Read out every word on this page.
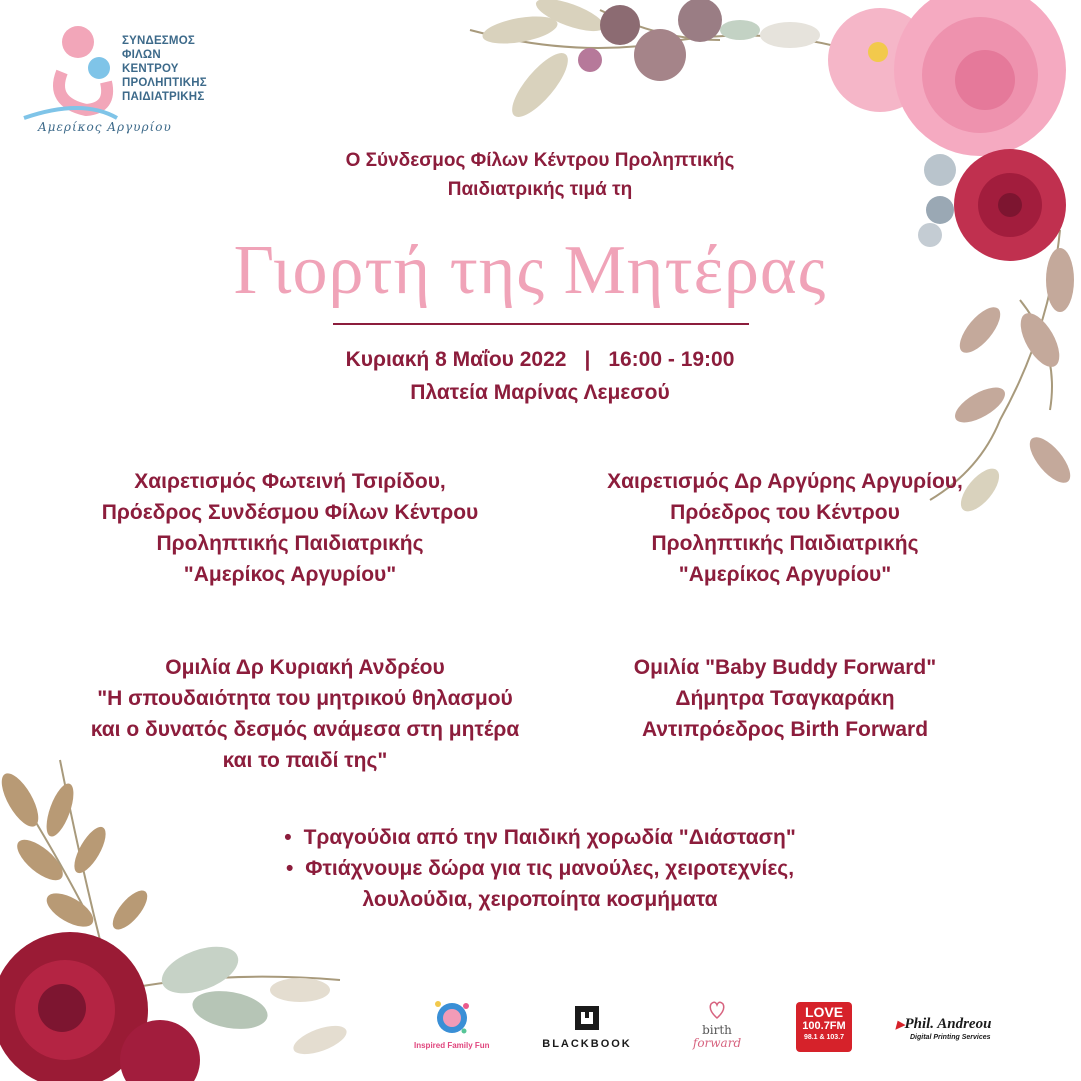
ΣΥΝΔΕΣΜΟΣ
ΦΙΛΩΝ
ΚΕΝΤΡΟΥ
ΠΡΟΛΗΠΤΙΚΗΣ
ΠΑΙΔΙΑΤΡΙΚΗΣ
Αμερίκος Αργυρίου
Ο Σύνδεσμος Φίλων Κέντρου Προληπτικής
Παιδιατρικής τιμά τη
Γιορτή της Μητέρας
Κυριακή 8 Μαΐου 2022 | 16:00 - 19:00
Πλατεία Μαρίνας Λεμεσού
Χαιρετισμός Φωτεινή Τσιρίδου,
Πρόεδρος Συνδέσμου Φίλων Κέντρου
Προληπτικής Παιδιατρικής
"Αμερίκος Αργυρίου"
Χαιρετισμός Δρ Αργύρης Αργυρίου,
Πρόεδρος του Κέντρου
Προληπτικής Παιδιατρικής
"Αμερίκος Αργυρίου"
Ομιλία Δρ Κυριακή Ανδρέου
"Η σπουδαιότητα του μητρικού θηλασμού
και ο δυνατός δεσμός ανάμεσα στη μητέρα
και το παιδί της"
Ομιλία "Baby Buddy Forward"
Δήμητρα Τσαγκαράκη
Αντιπρόεδρος Birth Forward
• Τραγούδια από την Παιδική χορωδία "Διάσταση"
• Φτιάχνουμε δώρα για τις μανούλες, χειροτεχνίες,
λουλούδια, χειροποίητα κοσμήματα
Inspired Family Fun	BLACKBOOK
birth
forward
LOVE
100.7FM
98.1 & 103.7
▶Phil. Andreou
Digital Printing Services
